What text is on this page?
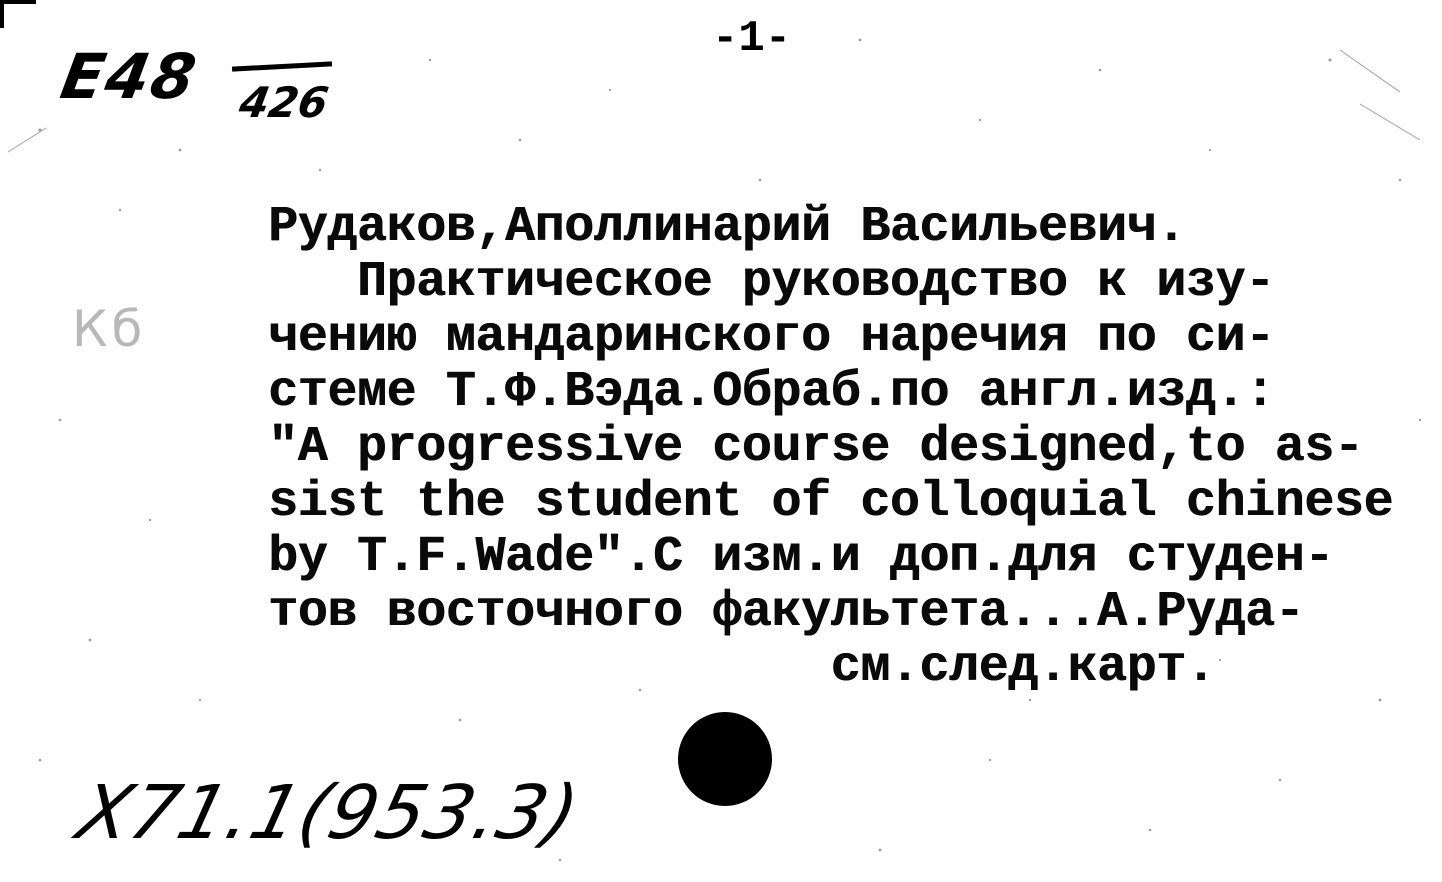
Е48 426
-1-
Кб
Рудаков,Аполлинарий Васильевич.
Практическое руководство к изу-
чению мандаринского наречия по си-
стеме Т.Ф.Вэда.Обраб.по англ.изд.:
"A progressive course designed,to as-
sist the student of colloquial chinese
by T.F.Wade".С изм.и доп.для студен-
тов восточного факультета...А.Руда-
см.след.карт.
Х71.1(953.3)
